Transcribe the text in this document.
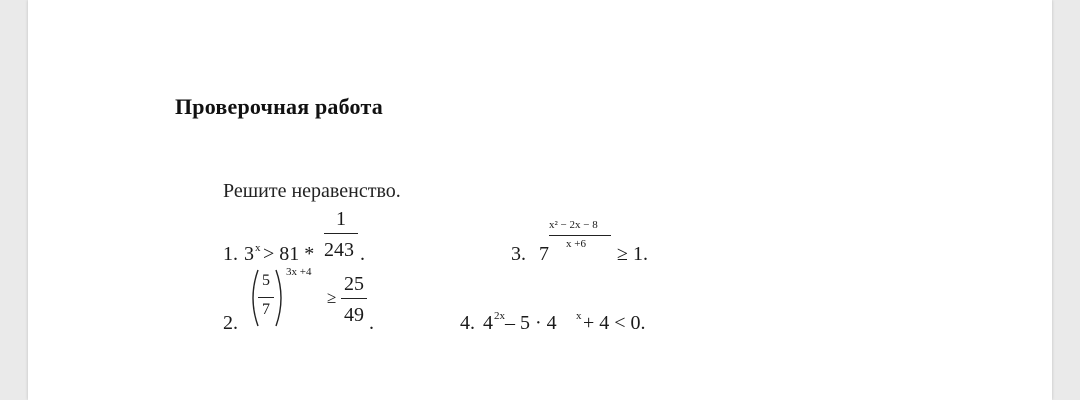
Проверочная работа
Решите неравенство.
1. 3 x > 81 *
1
243 .
2.
5
7
3x +4
≥
25
49 .
3. 7
x² − 2x − 8
x +6 ≥ 1.
4. 4 2x – 5 · 4 x + 4 < 0.
